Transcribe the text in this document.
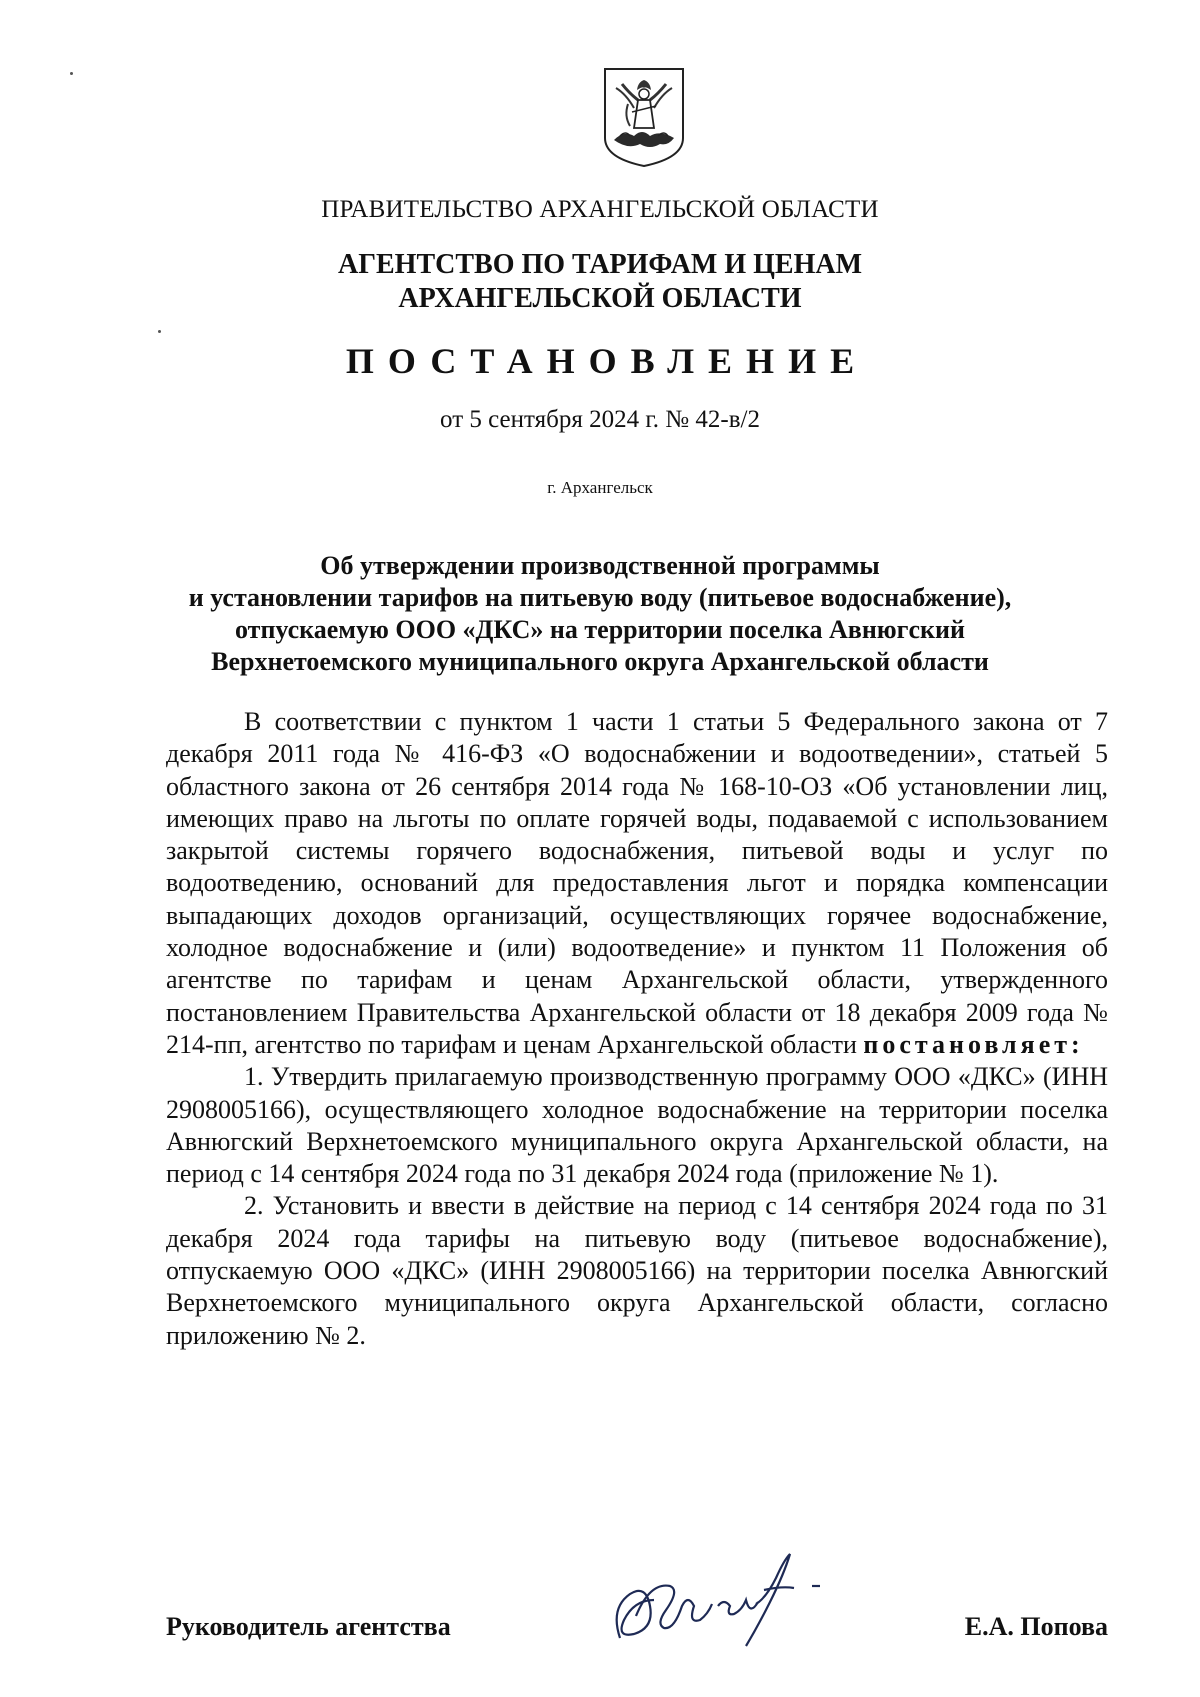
ПРАВИТЕЛЬСТВО АРХАНГЕЛЬСКОЙ ОБЛАСТИ
АГЕНТСТВО ПО ТАРИФАМ И ЦЕНАМ
АРХАНГЕЛЬСКОЙ ОБЛАСТИ
ПОСТАНОВЛЕНИЕ
от 5 сентября 2024 г. № 42-в/2
г. Архангельск
Об утверждении производственной программы
и установлении тарифов на питьевую воду (питьевое водоснабжение),
отпускаемую ООО «ДКС» на территории поселка Авнюгский
Верхнетоемского муниципального округа Архангельской области

В соответствии с пунктом 1 части 1 статьи 5 Федерального закона от 7 декабря 2011 года № 416-ФЗ «О водоснабжении и водоотведении», статьей 5 областного закона от 26 сентября 2014 года № 168-10-ОЗ «Об установлении лиц, имеющих право на льготы по оплате горячей воды, подаваемой с использованием закрытой системы горячего водоснабжения, питьевой воды и услуг по водоотведению, оснований для предоставления льгот и порядка компенсации выпадающих доходов организаций, осуществляющих горячее водоснабжение, холодное водоснабжение и (или) водоотведение» и пунктом 11 Положения об агентстве по тарифам и ценам Архангельской области, утвержденного постановлением Правительства Архангельской области от 18 декабря 2009 года № 214-пп, агентство по тарифам и ценам Архангельской области постановляет:

1. Утвердить прилагаемую производственную программу ООО «ДКС» (ИНН 2908005166), осуществляющего холодное водоснабжение на территории поселка Авнюгский Верхнетоемского муниципального округа Архангельской области, на период с 14 сентября 2024 года по 31 декабря 2024 года (приложение № 1).

2. Установить и ввести в действие на период с 14 сентября 2024 года по 31 декабря 2024 года тарифы на питьевую воду (питьевое водоснабжение), отпускаемую ООО «ДКС» (ИНН 2908005166) на территории поселка Авнюгский Верхнетоемского муниципального округа Архангельской области, согласно приложению № 2.

Руководитель агентства	Е.А. Попова
